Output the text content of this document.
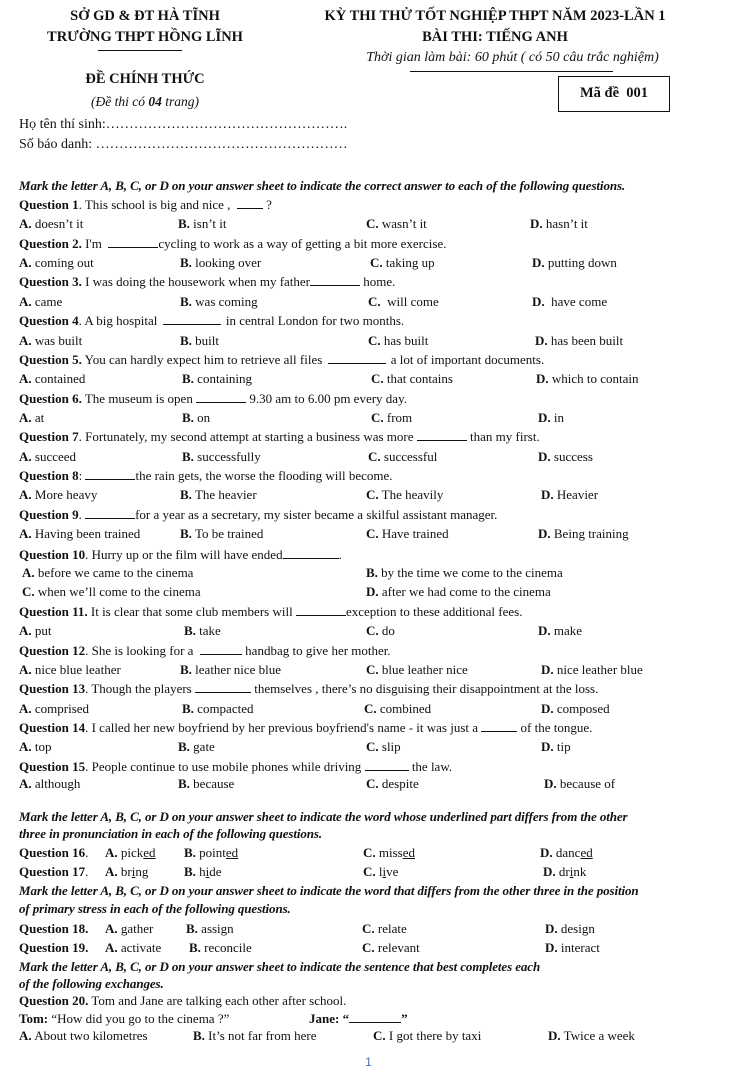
SỞ GD & ĐT HÀ TĨNH
TRƯỜNG THPT HỒNG LĨNH
ĐỀ CHÍNH THỨC
(Đề thi có 04 trang)
KỲ THI THỬ TỐT NGHIỆP THPT NĂM 2023-LẦN 1
BÀI THI: TIẾNG ANH
Thời gian làm bài: 60 phút ( có 50 câu trắc nghiệm)
Mã đề  001
Họ tên thí sinh:…………………………………………….
Số báo danh: ………………………………………………
Mark the letter A, B, C, or D on your answer sheet to indicate the correct answer to each of the following questions.
Question 1. This school is big and nice ,   ?
A. doesn’t it	B. isn’t it	C. wasn’t it	D. hasn’t it
Question 2. I'm	cycling to work as a way of getting a bit more exercise.
A. coming out	B. looking over	C. taking up	D. putting down
Question 3. I was doing the housework when my father	home.
A. came	B. was coming	C.  will come	D.  have come
Question 4. A big hospital	in central London for two months.
A. was built	B. built	C. has built	D. has been built
Question 5. You can hardly expect him to retrieve all files	a lot of important documents.
A. contained	B. containing	C. that contains	D. which to contain
Question 6. The museum is open	9.30 am to 6.00 pm every day.
A. at	B. on	C. from	D. in
Question 7. Fortunately, my second attempt at starting a business was more	than my first.
A. succeed	B. successfully	C. successful	D. success
Question 8:	the rain gets, the worse the flooding will become.
A. More heavy	B. The heavier	C. The heavily	D. Heavier
Question 9.	for a year as a secretary, my sister became a skilful assistant manager.
A. Having been trained	B. To be trained	C. Have trained	D. Being training
Question 10. Hurry up or the film will have ended	.
A. before we came to the cinema	B. by the time we come to the cinema
C. when we’ll come to the cinema	D. after we had come to the cinema
Question 11. It is clear that some club members will	exception to these additional fees.
A. put	B. take	C. do	D. make
Question 12. She is looking for a	handbag to give her mother.
A. nice blue leather	B. leather nice blue	C. blue leather nice	D. nice leather blue
Question 13. Though the players	themselves , there’s no disguising their disappointment at the loss.
A. comprised	B. compacted	C. combined	D. composed
Question 14. I called her new boyfriend by her previous boyfriend's name - it was just a	of the tongue.
A. top	B. gate	C. slip	D. tip
Question 15. People continue to use mobile phones while driving	the law.
A. although	B. because	C. despite	D. because of
Mark the letter A, B, C, or D on your answer sheet to indicate the word whose underlined part differs from the other
three in pronunciation in each of the following questions.
Question 16. A. picked B. pointed	C. missed	D. danced
Question 17. A. bring	B. hide	C. live	D. drink
Mark the letter A, B, C, or D on your answer sheet to indicate the word that differs from the other three in the position
of primary stress in each of the following questions.
Question 18. A. gather	B. assign	C. relate	D. design
Question 19. A. activate B. reconcile	C. relevant	D. interact
Mark the letter A, B, C, or D on your answer sheet to indicate the sentence that best completes each
of the following exchanges.
Question 20. Tom and Jane are talking each other after school.
Tom: “How did you go to the cinema ?”	Jane: “	”
A. About two kilometres	B. It’s not far from here	C. I got there by taxi	D. Twice a week
1
